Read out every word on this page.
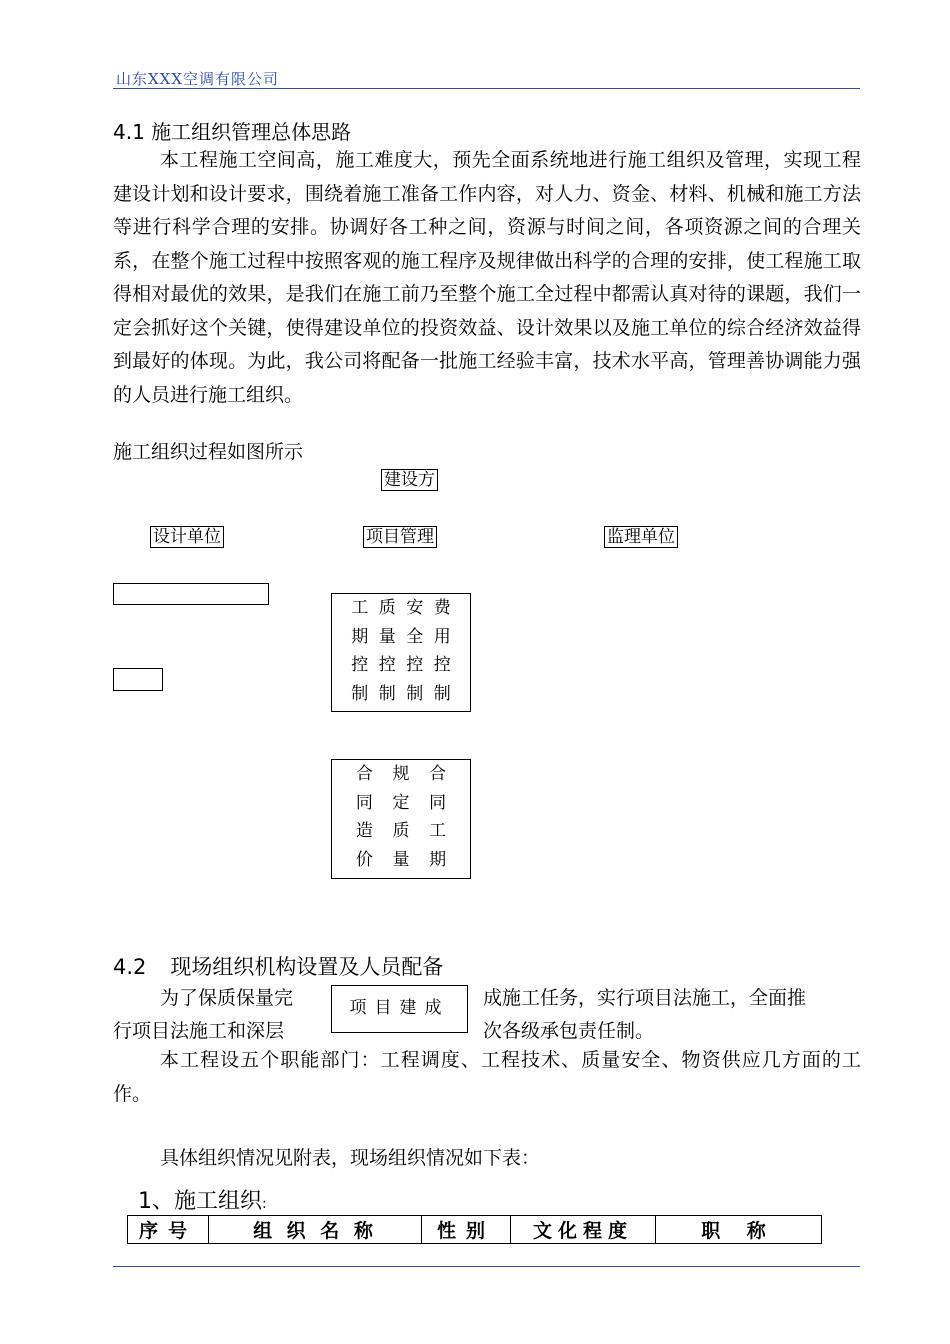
山东XXX空调有限公司
4.1 施工组织管理总体思路
本工程施工空间高，施工难度大，预先全面系统地进行施工组织及管理，实现工程建设计划和设计要求，围绕着施工准备工作内容，对人力、资金、材料、机械和施工方法等进行科学合理的安排。协调好各工种之间，资源与时间之间，各项资源之间的合理关系，在整个施工过程中按照客观的施工程序及规律做出科学的合理的安排，使工程施工取得相对最优的效果，是我们在施工前乃至整个施工全过程中都需认真对待的课题，我们一定会抓好这个关键，使得建设单位的投资效益、设计效果以及施工单位的综合经济效益得到最好的体现。为此，我公司将配备一批施工经验丰富，技术水平高，管理善协调能力强的人员进行施工组织。
施工组织过程如图所示
建设方
设计单位	项目管理	监理单位
工 质 安 费
期 量 全 用
控 控 控 控
制 制 制 制
合 规 合
同 定 同
造 质 工
价 量 期
4.2 现场组织机构设置及人员配备
为了保质保量完	成施工任务，实行项目法施工，全面推
行项目法施工和深层	次各级承包责任制。
项目建成
本工程设五个职能部门：工程调度、工程技术、质量安全、物资供应几方面的工作。
具体组织情况见附表，现场组织情况如下表：
1、施工组织:
序号	组 织 名 称	性别	文化程度	职 称
